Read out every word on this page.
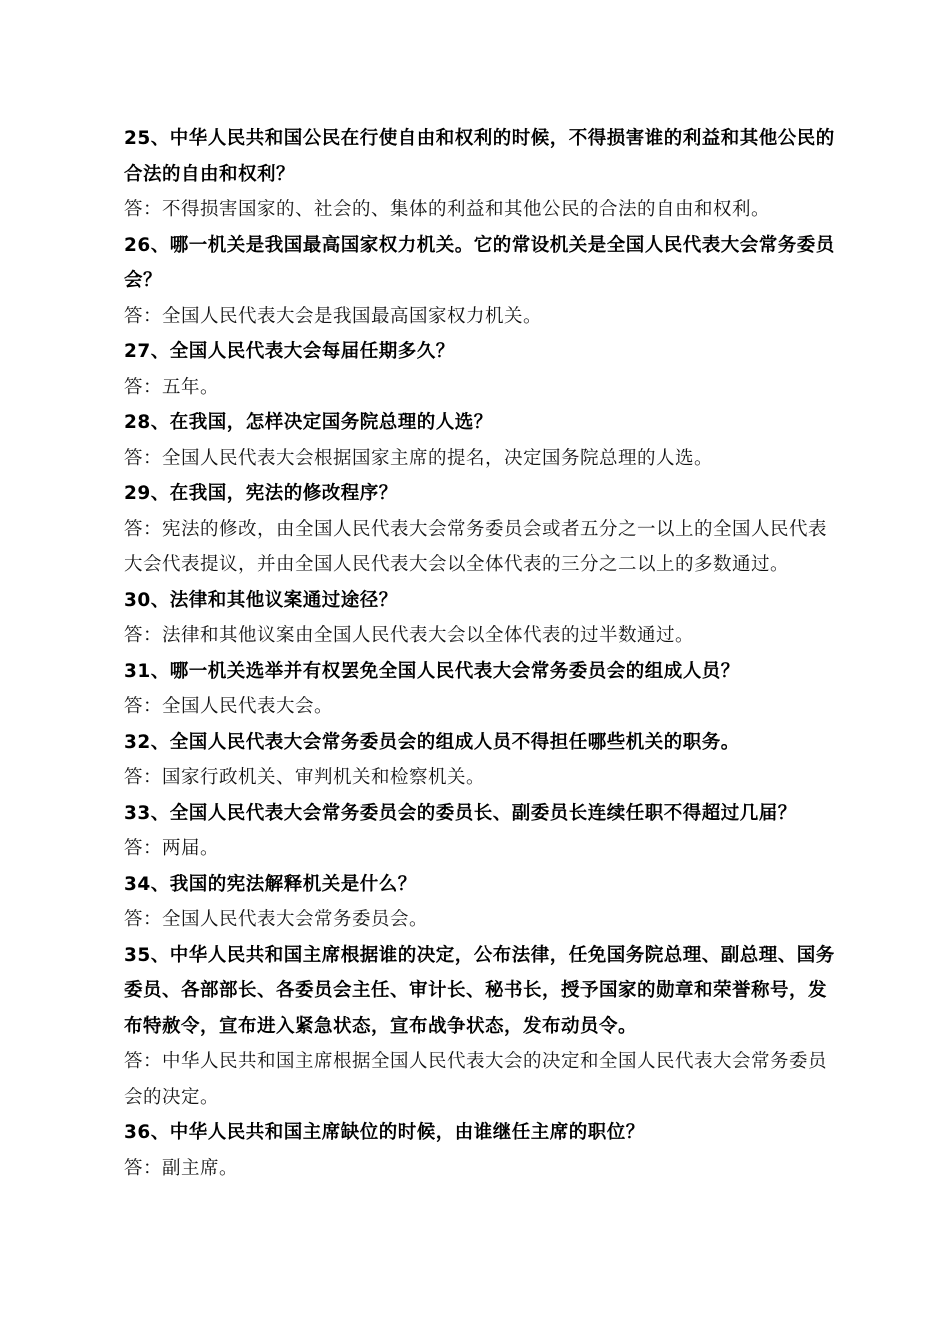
25、中华人民共和国公民在行使自由和权利的时候，不得损害谁的利益和其他公民的
合法的自由和权利？
答：不得损害国家的、社会的、集体的利益和其他公民的合法的自由和权利。
26、哪一机关是我国最高国家权力机关。它的常设机关是全国人民代表大会常务委员
会？
答：全国人民代表大会是我国最高国家权力机关。
27、全国人民代表大会每届任期多久？
答：五年。
28、在我国，怎样决定国务院总理的人选？
答：全国人民代表大会根据国家主席的提名，决定国务院总理的人选。
29、在我国，宪法的修改程序？
答：宪法的修改，由全国人民代表大会常务委员会或者五分之一以上的全国人民代表
大会代表提议，并由全国人民代表大会以全体代表的三分之二以上的多数通过。
30、法律和其他议案通过途径？
答：法律和其他议案由全国人民代表大会以全体代表的过半数通过。
31、哪一机关选举并有权罢免全国人民代表大会常务委员会的组成人员？
答：全国人民代表大会。
32、全国人民代表大会常务委员会的组成人员不得担任哪些机关的职务。
答：国家行政机关、审判机关和检察机关。
33、全国人民代表大会常务委员会的委员长、副委员长连续任职不得超过几届？
答：两届。
34、我国的宪法解释机关是什么？
答：全国人民代表大会常务委员会。
35、中华人民共和国主席根据谁的决定，公布法律，任免国务院总理、副总理、国务
委员、各部部长、各委员会主任、审计长、秘书长，授予国家的勋章和荣誉称号，发
布特赦令，宣布进入紧急状态，宣布战争状态，发布动员令。
答：中华人民共和国主席根据全国人民代表大会的决定和全国人民代表大会常务委员
会的决定。
36、中华人民共和国主席缺位的时候，由谁继任主席的职位？
答：副主席。
